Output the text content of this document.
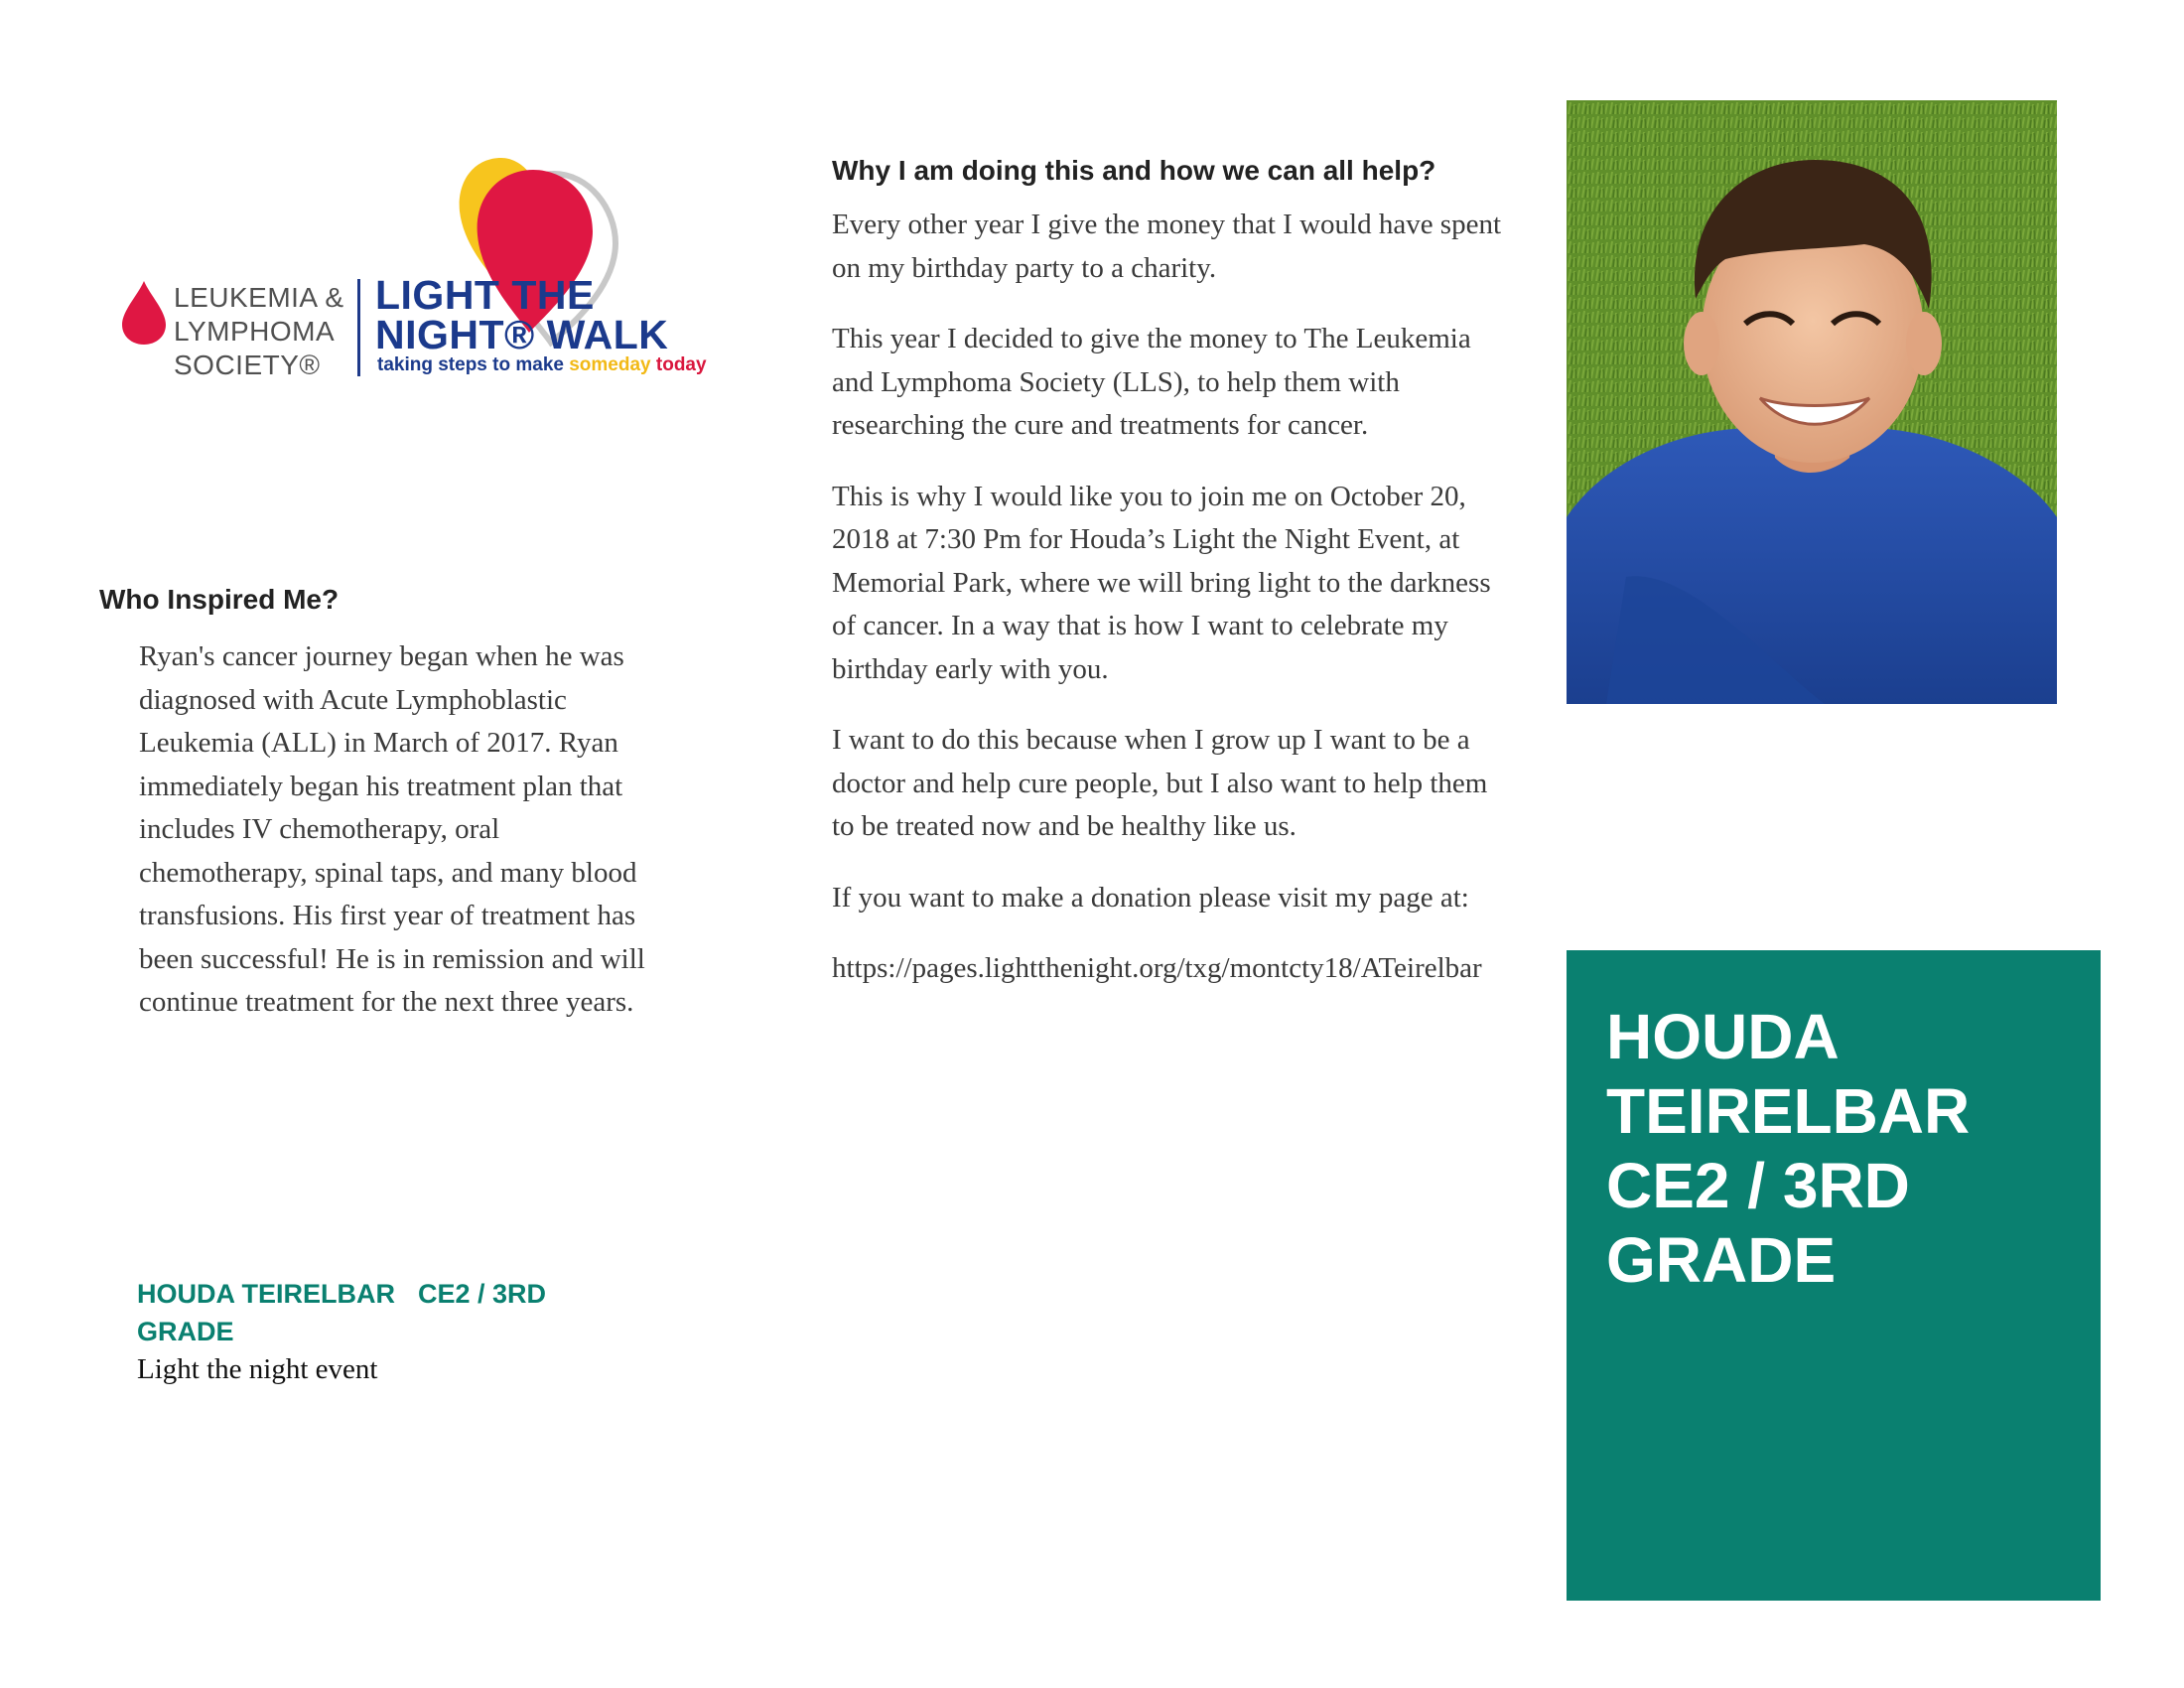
LEUKEMIA &
LYMPHOMA
SOCIETY®
LIGHT THE
NIGHT® WALK
taking steps to make someday today
Who Inspired Me?
Ryan's cancer journey began when he was diagnosed with Acute Lymphoblastic Leukemia (ALL) in March of 2017. Ryan immediately began his treatment plan that includes IV chemotherapy, oral chemotherapy, spinal taps, and many blood transfusions. His first year of treatment has been successful! He is in remission and will continue treatment for the next three years.
HOUDA TEIRELBAR CE2 / 3RD
GRADE
Light the night event
Why I am doing this and how we can all help?

Every other year I give the money that I would have spent on my birthday party to a charity.

This year I decided to give the money to The Leukemia and Lymphoma Society (LLS), to help them with researching the cure and treatments for cancer.

This is why I would like you to join me on October 20, 2018 at 7:30 Pm for Houda’s Light the Night Event, at Memorial Park, where we will bring light to the darkness of cancer. In a way that is how I want to celebrate my birthday early with you.

I want to do this because when I grow up I want to be a doctor and help cure people, but I also want to help them to be treated now and be healthy like us.

If you want to make a donation please visit my page at:

https://pages.lightthenight.org/txg/montcty18/ATeirelbar

HOUDA
TEIRELBAR
CE2 / 3RD
GRADE
